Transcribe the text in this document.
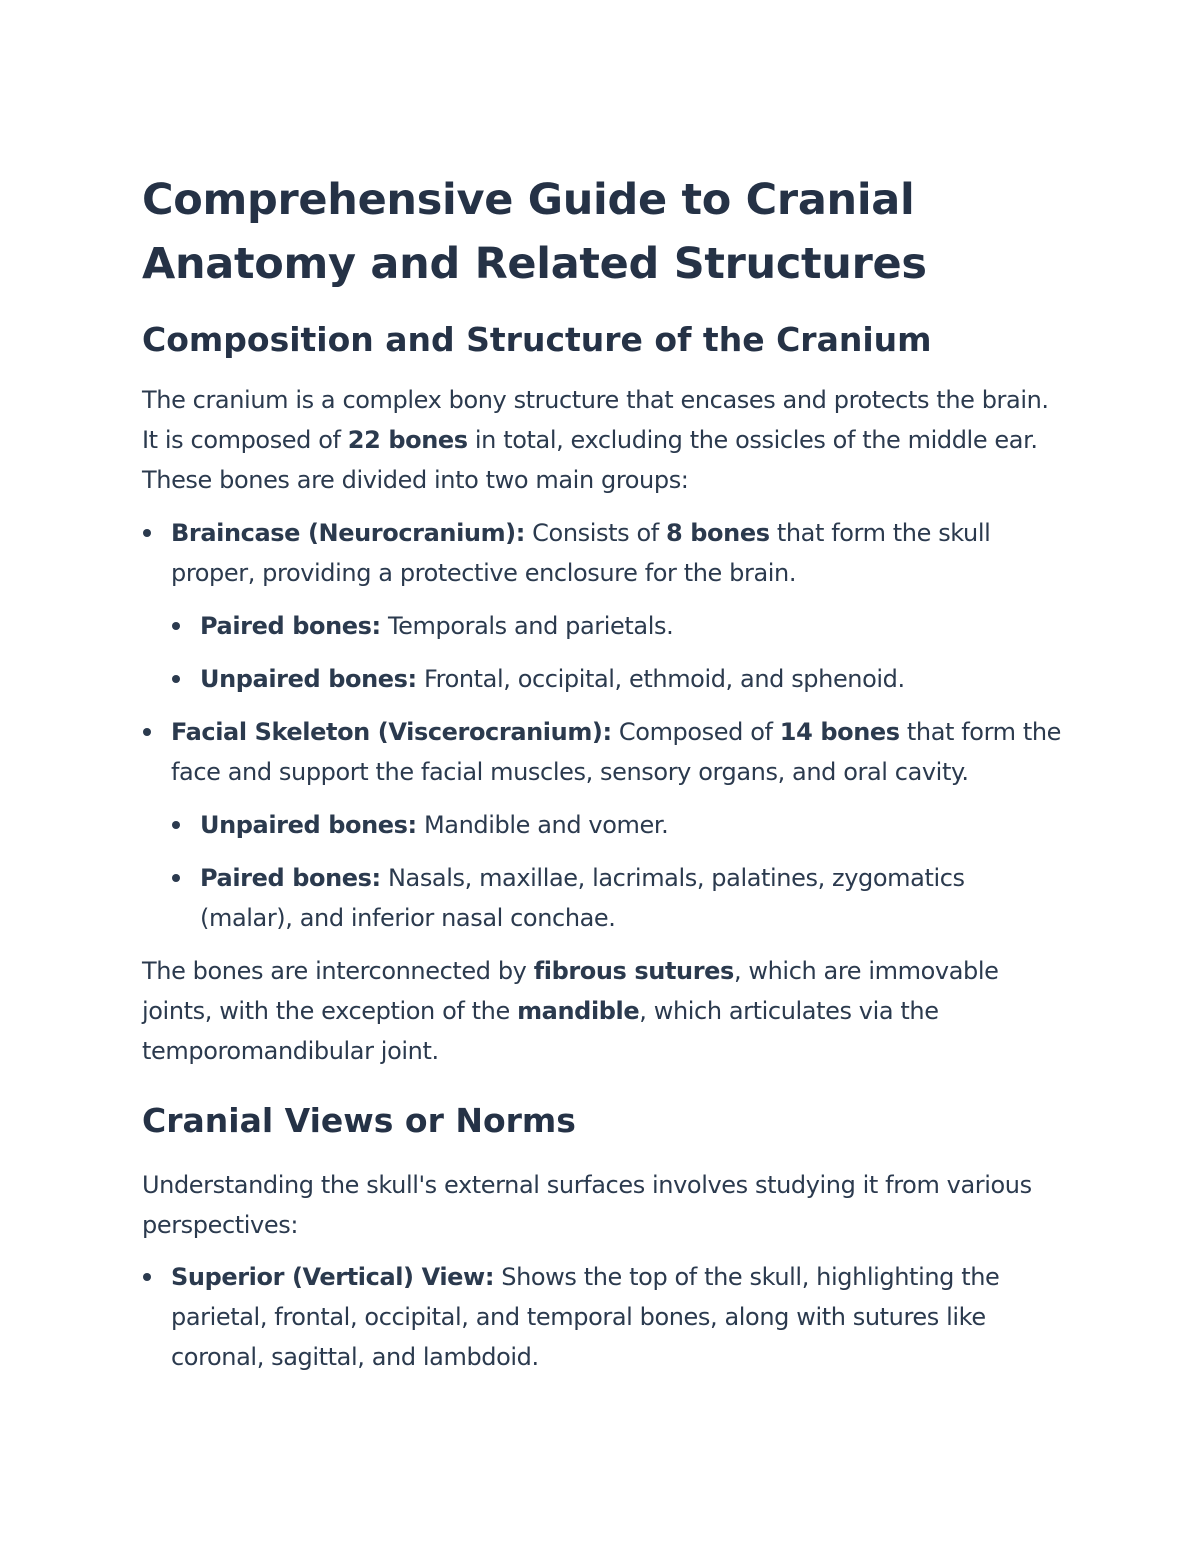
Comprehensive Guide to Cranial Anatomy and Related Structures
Composition and Structure of the Cranium

The cranium is a complex bony structure that encases and protects the brain. It is composed of 22 bones in total, excluding the ossicles of the middle ear. These bones are divided into two main groups:

Braincase (Neurocranium): Consists of 8 bones that form the skull proper, providing a protective enclosure for the brain.
Paired bones: Temporals and parietals.
Unpaired bones: Frontal, occipital, ethmoid, and sphenoid.
Facial Skeleton (Viscerocranium): Composed of 14 bones that form the face and support the facial muscles, sensory organs, and oral cavity.
Unpaired bones: Mandible and vomer.
Paired bones: Nasals, maxillae, lacrimals, palatines, zygomatics (malar), and inferior nasal conchae.

The bones are interconnected by fibrous sutures, which are immovable joints, with the exception of the mandible, which articulates via the temporomandibular joint.

Cranial Views or Norms

Understanding the skull's external surfaces involves studying it from various perspectives:

Superior (Vertical) View: Shows the top of the skull, highlighting the parietal, frontal, occipital, and temporal bones, along with sutures like coronal, sagittal, and lambdoid.
